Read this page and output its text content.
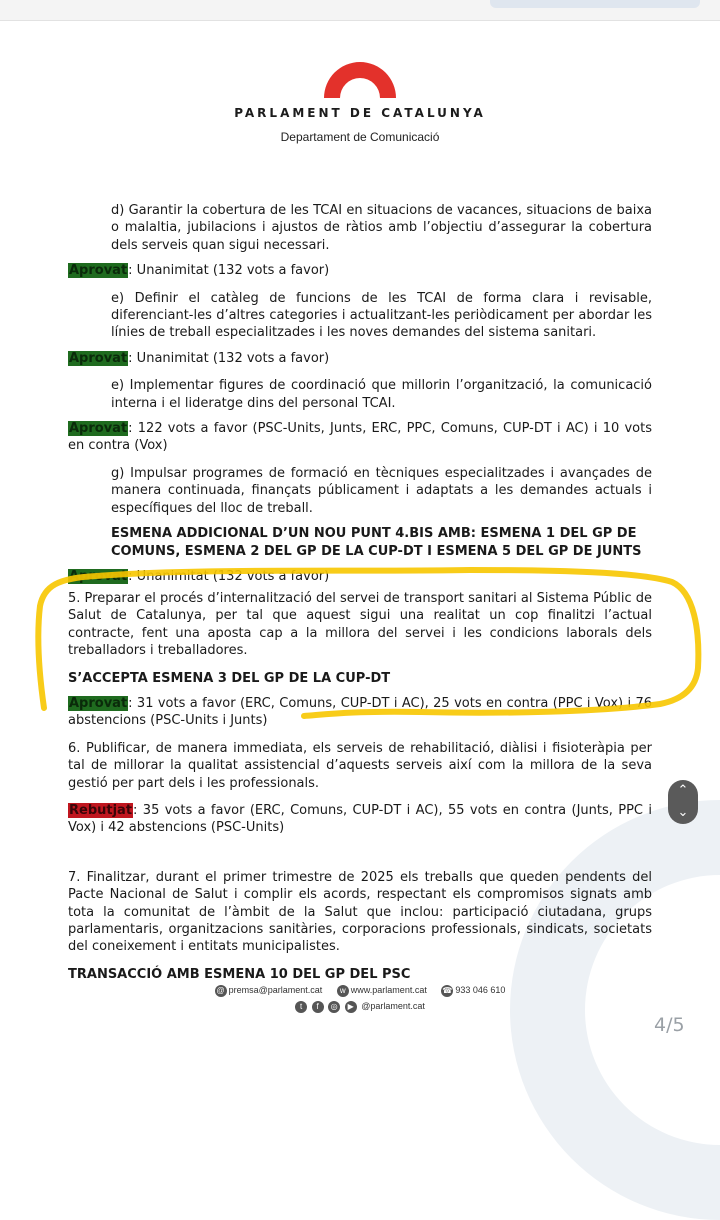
PARLAMENT DE CATALUNYA
Departament de Comunicació
d) Garantir la cobertura de les TCAI en situacions de vacances, situacions de baixa o malaltia, jubilacions i ajustos de ràtios amb l’objectiu d’assegurar la cobertura dels serveis quan sigui necessari.
Aprovat: Unanimitat (132 vots a favor)
e) Definir el catàleg de funcions de les TCAI de forma clara i revisable, diferenciant-les d’altres categories i actualitzant-les periòdicament per abordar les línies de treball especialitzades i les noves demandes del sistema sanitari.
Aprovat: Unanimitat (132 vots a favor)
e) Implementar figures de coordinació que millorin l’organització, la comunicació interna i el lideratge dins del personal TCAI.
Aprovat: 122 vots a favor (PSC-Units, Junts, ERC, PPC, Comuns, CUP-DT i AC) i 10 vots en contra (Vox)
g) Impulsar programes de formació en tècniques especialitzades i avançades de manera continuada, finançats públicament i adaptats a les demandes actuals i específiques del lloc de treball.
ESMENA ADDICIONAL D’UN NOU PUNT 4.BIS AMB: ESMENA 1 DEL GP DE COMUNS, ESMENA 2 DEL GP DE LA CUP-DT I ESMENA 5 DEL GP DE JUNTS
Aprovat: Unanimitat (132 vots a favor)
5. Preparar el procés d’internalització del servei de transport sanitari al Sistema Públic de Salut de Catalunya, per tal que aquest sigui una realitat un cop finalitzi l’actual contracte, fent una aposta cap a la millora del servei i les condicions laborals dels treballadors i treballadores.
S’ACCEPTA ESMENA 3 DEL GP DE LA CUP-DT
Aprovat: 31 vots a favor (ERC, Comuns, CUP-DT i AC), 25 vots en contra (PPC i Vox) i 76 abstencions (PSC-Units i Junts)
6. Publificar, de manera immediata, els serveis de rehabilitació, diàlisi i fisioteràpia per tal de millorar la qualitat assistencial d’aquests serveis així com la millora de la seva gestió per part dels i les professionals.
Rebutjat: 35 vots a favor (ERC, Comuns, CUP-DT i AC), 55 vots en contra (Junts, PPC i Vox) i 42 abstencions (PSC-Units)
7. Finalitzar, durant el primer trimestre de 2025 els treballs que queden pendents del Pacte Nacional de Salut i complir els acords, respectant els compromisos signats amb tota la comunitat de l’àmbit de la Salut que inclou: participació ciutadana, grups parlamentaris, organitzacions sanitàries, corporacions professionals, sindicats, societats del coneixement i entitats municipalistes.
TRANSACCIÓ AMB ESMENA 10 DEL GP DEL PSC
@ premsa@parlament.cat w www.parlament.cat ☎ 933 046 610
t f ◎ ▶ @parlament.cat
⌃
⌄
4/5
